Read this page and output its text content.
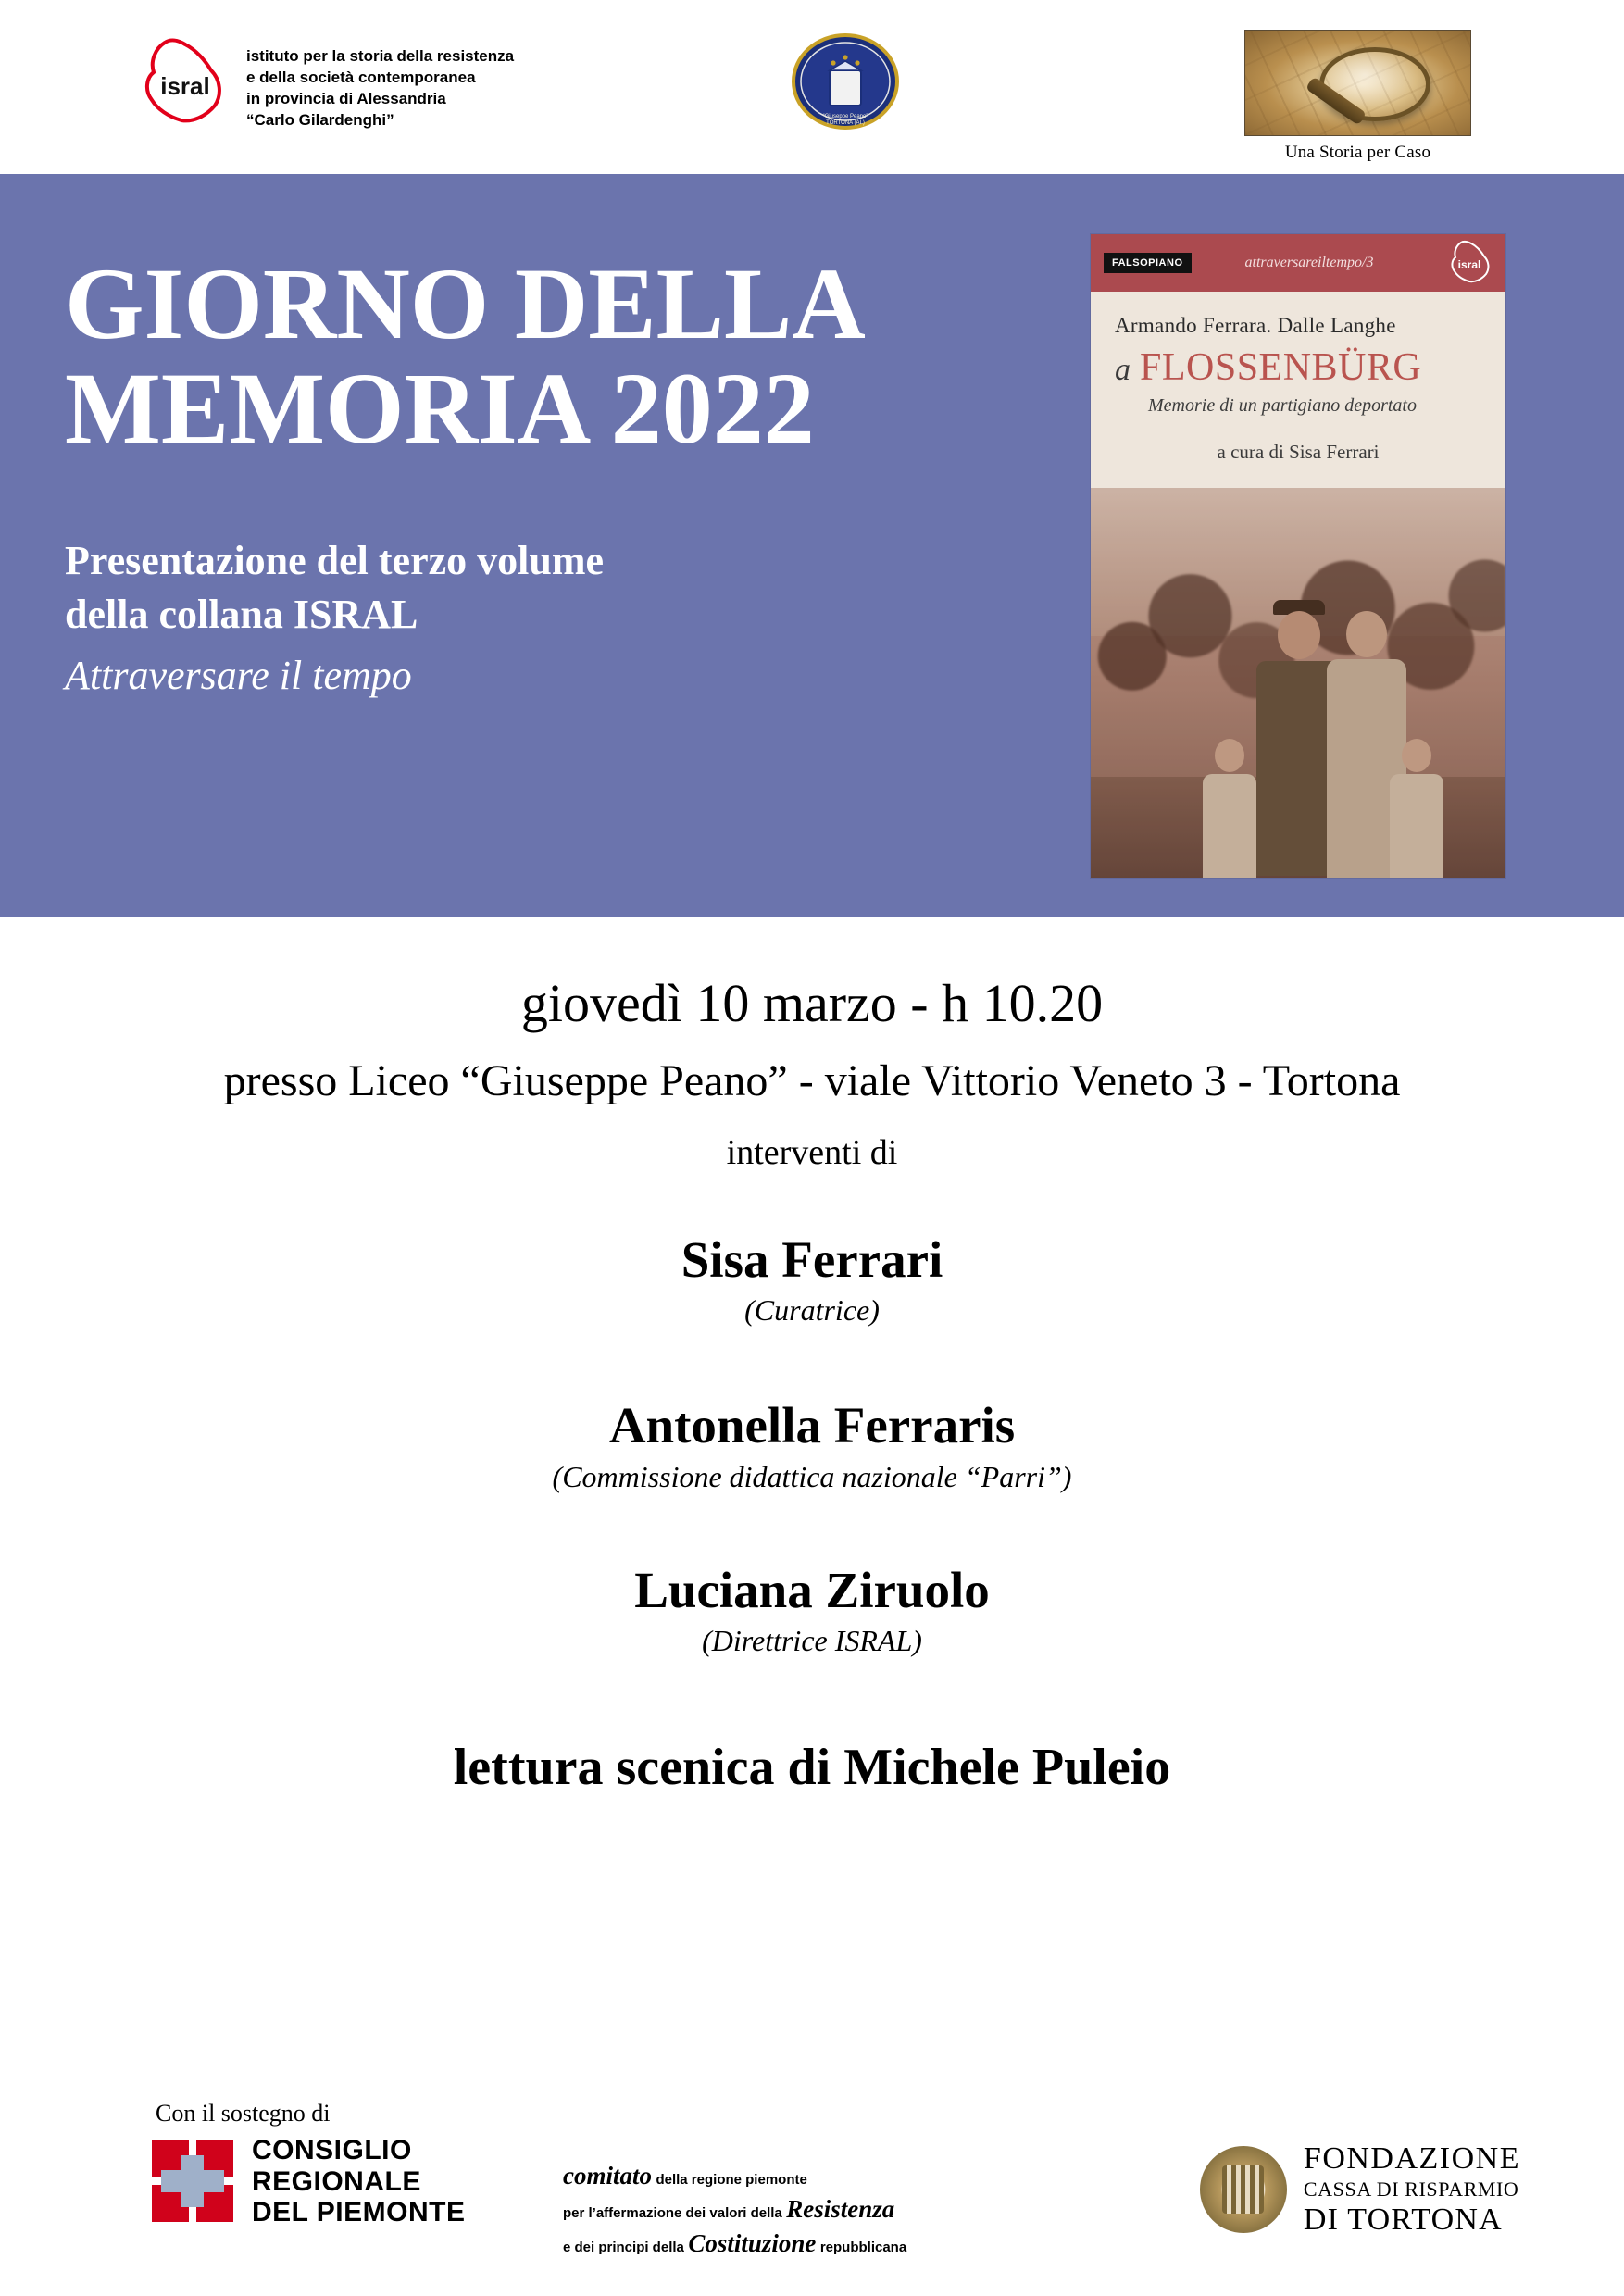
isral
istituto per la storia della resistenza
e della società contemporanea
in provincia di Alessandria
“Carlo Gilardenghi”	“Giuseppe Peano”
TORTONA (AL)
Una Storia per Caso
GIORNO DELLA
MEMORIA 2022
Presentazione del terzo volume
della collana ISRAL
Attraversare il tempo
FALSOPIANO	attraversareiltempo/3	isral
Armando Ferrara. Dalle Langhe
a FLOSSENBÜRG
Memorie di un partigiano deportato
a cura di Sisa Ferrari
giovedì 10 marzo - h 10.20
presso Liceo “Giuseppe Peano” - viale Vittorio Veneto 3 - Tortona
interventi di
Sisa Ferrari
(Curatrice)
Antonella Ferraris
(Commissione didattica nazionale “Parri”)
Luciana Ziruolo
(Direttrice ISRAL)
lettura scenica di Michele Puleio
Con il sostegno di
CONSIGLIO
REGIONALE
DEL PIEMONTE
comitato della regione piemonte
per l’affermazione dei valori della Resistenza
e dei principi della Costituzione repubblicana
FONDAZIONE
CASSA DI RISPARMIO
DI TORTONA
